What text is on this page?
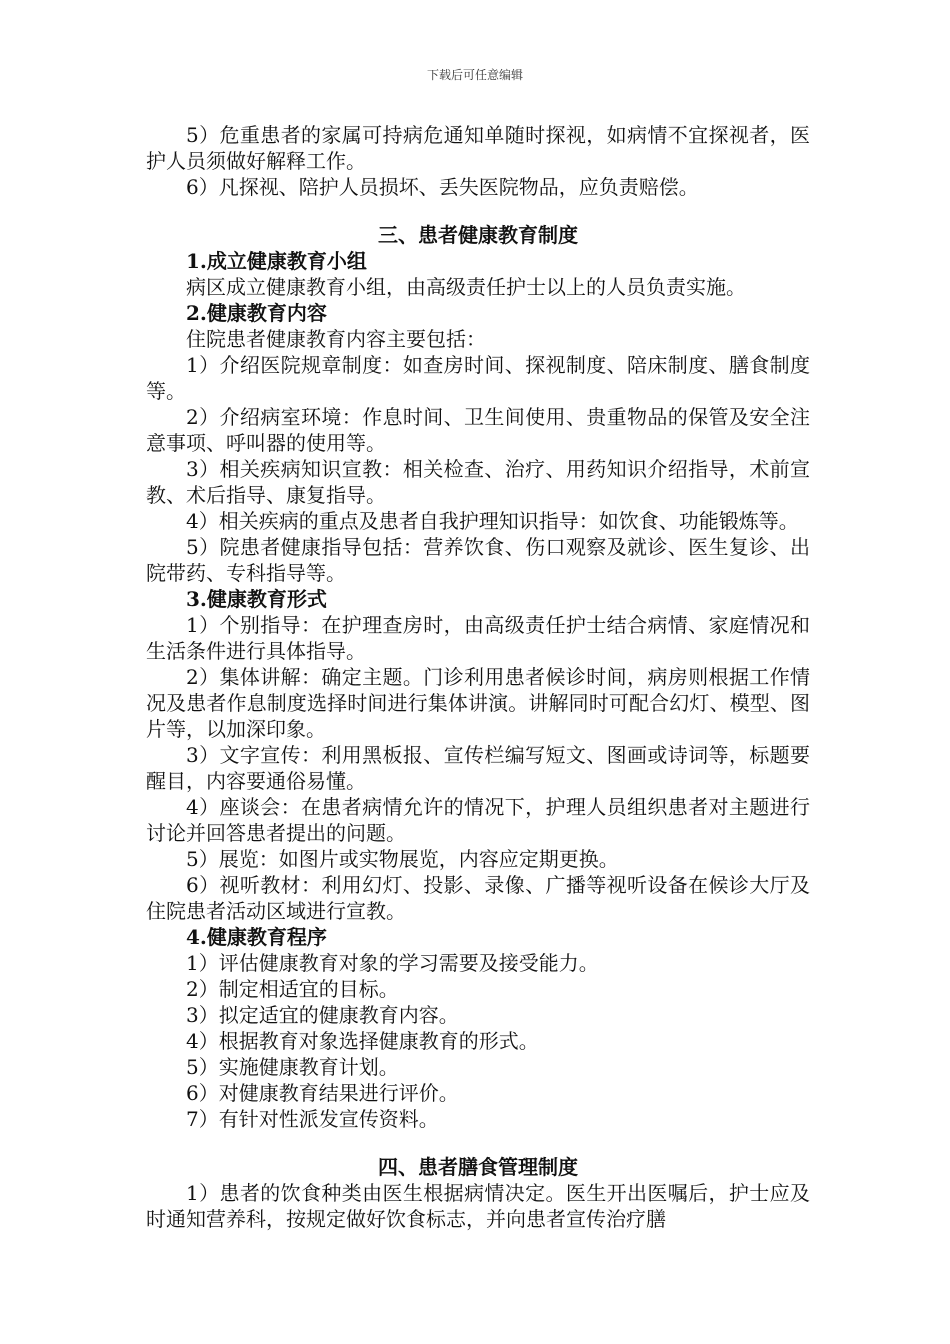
下载后可任意编辑
5）危重患者的家属可持病危通知单随时探视，如病情不宜探视者，医护人员须做好解释工作。
6）凡探视、陪护人员损坏、丢失医院物品，应负责赔偿。
三、患者健康教育制度
1.成立健康教育小组
病区成立健康教育小组，由高级责任护士以上的人员负责实施。
2.健康教育内容
住院患者健康教育内容主要包括：
1）介绍医院规章制度：如查房时间、探视制度、陪床制度、膳食制度等。
2）介绍病室环境：作息时间、卫生间使用、贵重物品的保管及安全注意事项、呼叫器的使用等。
3）相关疾病知识宣教：相关检查、治疗、用药知识介绍指导，术前宣教、术后指导、康复指导。
4）相关疾病的重点及患者自我护理知识指导：如饮食、功能锻炼等。
5）院患者健康指导包括：营养饮食、伤口观察及就诊、医生复诊、出院带药、专科指导等。
3.健康教育形式
1）个别指导：在护理查房时，由高级责任护士结合病情、家庭情况和生活条件进行具体指导。
2）集体讲解：确定主题。门诊利用患者候诊时间，病房则根据工作情况及患者作息制度选择时间进行集体讲演。讲解同时可配合幻灯、模型、图片等，以加深印象。
3）文字宣传：利用黑板报、宣传栏编写短文、图画或诗词等，标题要醒目，内容要通俗易懂。
4）座谈会：在患者病情允许的情况下，护理人员组织患者对主题进行讨论并回答患者提出的问题。
5）展览：如图片或实物展览，内容应定期更换。
6）视听教材：利用幻灯、投影、录像、广播等视听设备在候诊大厅及住院患者活动区域进行宣教。
4.健康教育程序
1）评估健康教育对象的学习需要及接受能力。
2）制定相适宜的目标。
3）拟定适宜的健康教育内容。
4）根据教育对象选择健康教育的形式。
5）实施健康教育计划。
6）对健康教育结果进行评价。
7）有针对性派发宣传资料。
四、患者膳食管理制度
1）患者的饮食种类由医生根据病情决定。医生开出医嘱后，护士应及时通知营养科，按规定做好饮食标志，并向患者宣传治疗膳
